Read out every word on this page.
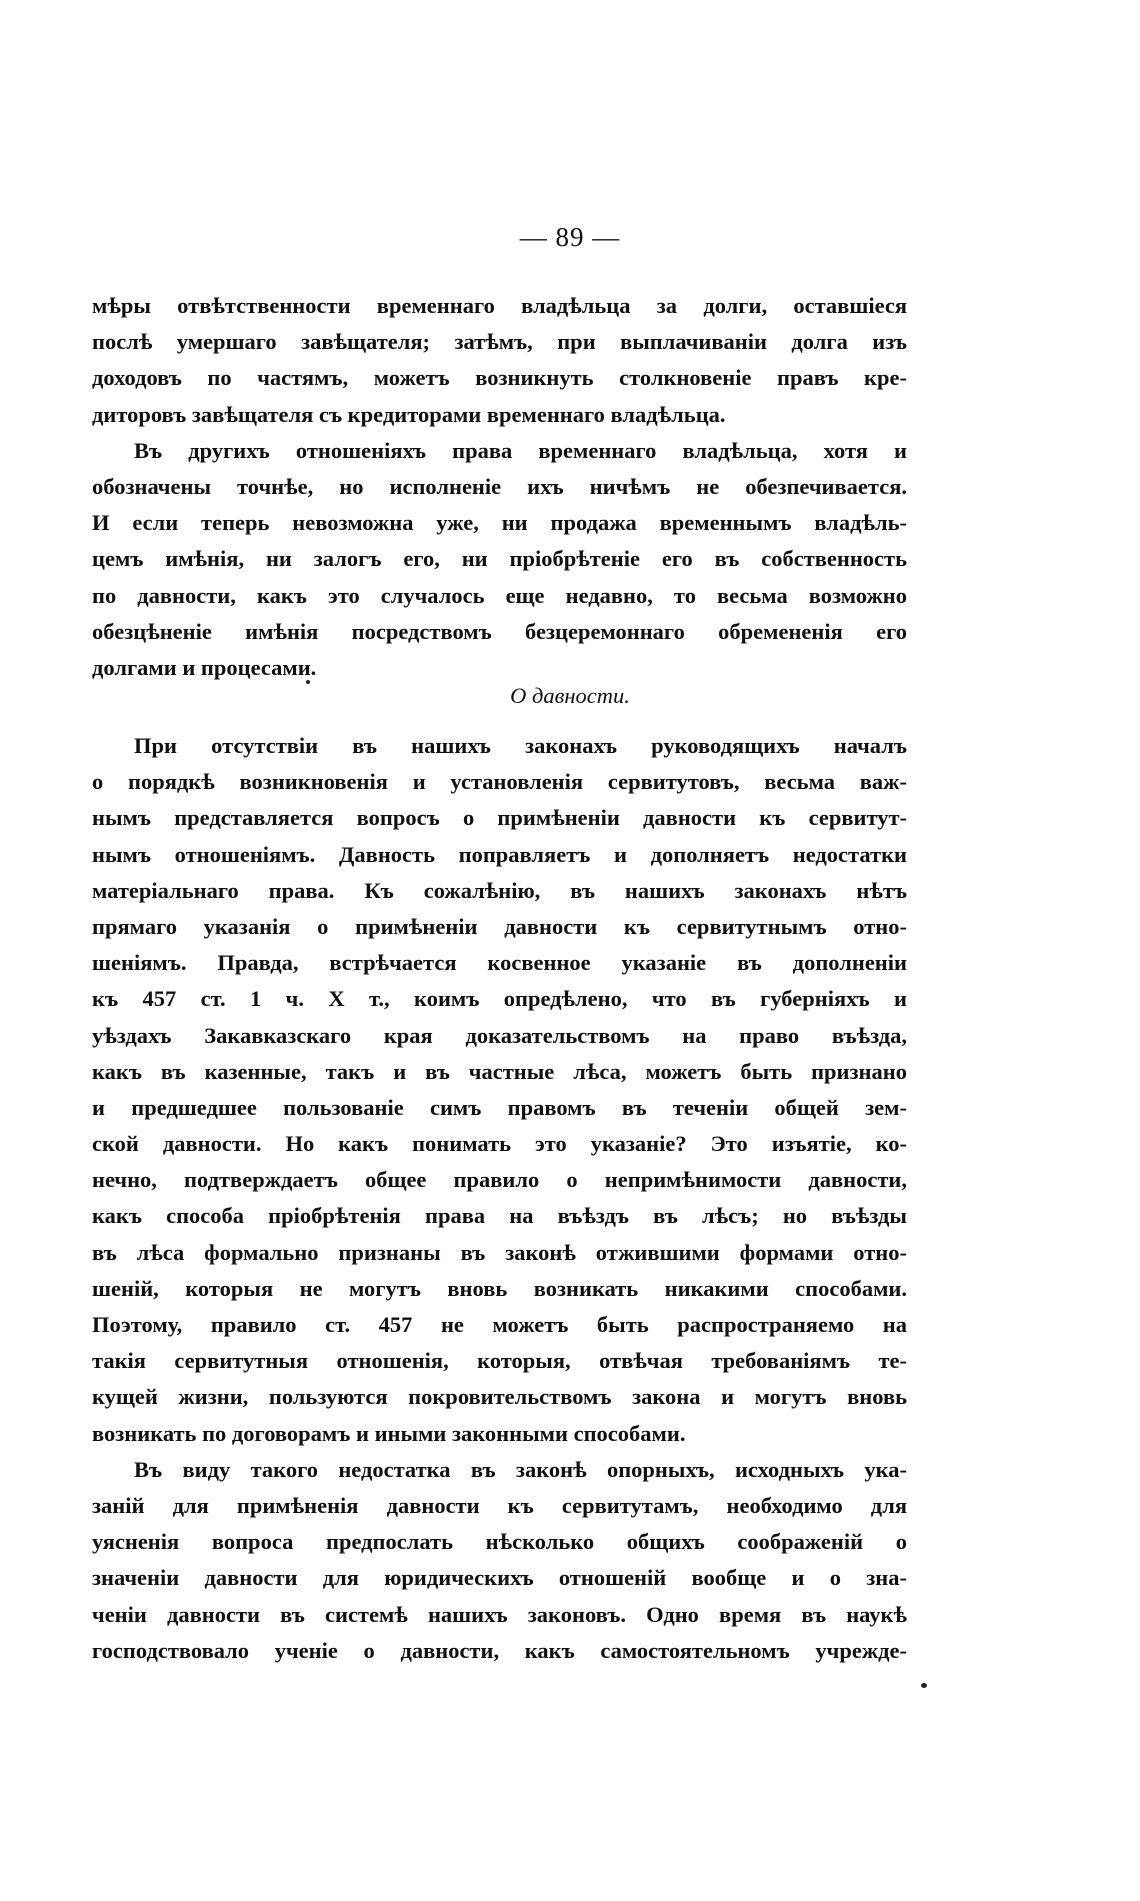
— 89 —
мѣры отвѣтственности временнаго владѣльца за долги, оставшіеся
послѣ умершаго завѣщателя; затѣмъ, при выплачиваніи долга изъ
доходовъ по частямъ, можетъ возникнуть столкновеніе правъ кре-
диторовъ завѣщателя съ кредиторами временнаго владѣльца.
Въ другихъ отношеніяхъ права временнаго владѣльца, хотя и
обозначены точнѣе, но исполненіе ихъ ничѣмъ не обезпечивается.
И если теперь невозможна уже, ни продажа временнымъ владѣль-
цемъ имѣнія, ни залогъ его, ни пріобрѣтеніе его въ собственность
по давности, какъ это случалось еще недавно, то весьма возможно
обезцѣненіе имѣнія посредствомъ безцеремоннаго обремененія его
долгами и процесами.
О давности.
При отсутствіи въ нашихъ законахъ руководящихъ началъ
о порядкѣ возникновенія и установленія сервитутовъ, весьма важ-
нымъ представляется вопросъ о примѣненіи давности къ сервитут-
нымъ отношеніямъ. Давность поправляетъ и дополняетъ недостатки
матеріальнаго права. Къ сожалѣнію, въ нашихъ законахъ нѣтъ
прямаго указанія о примѣненіи давности къ сервитутнымъ отно-
шеніямъ. Правда, встрѣчается косвенное указаніе въ дополненіи
къ 457 ст. 1 ч. X т., коимъ опредѣлено, что въ губерніяхъ и
уѣздахъ Закавказскаго края доказательствомъ на право въѣзда,
какъ въ казенные, такъ и въ частные лѣса, можетъ быть признано
и предшедшее пользованіе симъ правомъ въ теченіи общей зем-
ской давности. Но какъ понимать это указаніе? Это изъятіе, ко-
нечно, подтверждаетъ общее правило о непримѣнимости давности,
какъ способа пріобрѣтенія права на въѣздъ въ лѣсъ; но въѣзды
въ лѣса формально признаны въ законѣ отжившими формами отно-
шеній, которыя не могутъ вновь возникать никакими способами.
Поэтому, правило ст. 457 не можетъ быть распространяемо на
такія сервитутныя отношенія, которыя, отвѣчая требованіямъ те-
кущей жизни, пользуются покровительствомъ закона и могутъ вновь
возникать по договорамъ и иными законными способами.
Въ виду такого недостатка въ законѣ опорныхъ, исходныхъ ука-
заній для примѣненія давности къ сервитутамъ, необходимо для
уясненія вопроса предпослать нѣсколько общихъ соображеній о
значеніи давности для юридическихъ отношеній вообще и о зна-
ченіи давности въ системѣ нашихъ законовъ. Одно время въ наукѣ
господствовало ученіе о давности, какъ самостоятельномъ учрежде-
